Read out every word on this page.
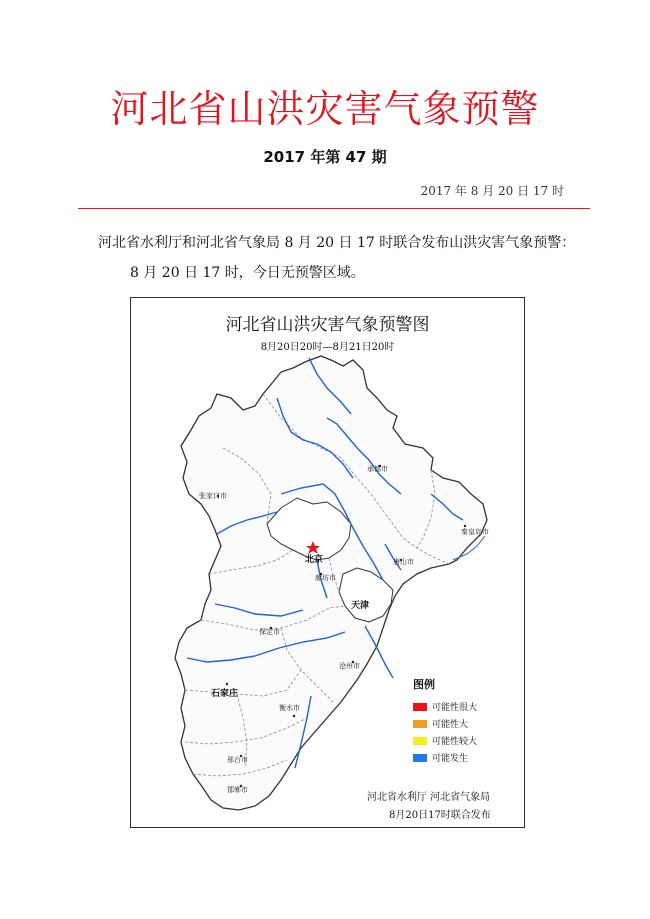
河北省山洪灾害气象预警
2017 年第 47 期
2017 年 8 月 20 日 17 时
河北省水利厅和河北省气象局 8 月 20 日 17 时联合发布山洪灾害气象预警：
8 月 20 日 17 时，今日无预警区域。
张家口市
承德市
秦皇岛市
北京	唐山市
廊坊市
天津
保定市
沧州市
石家庄
衡水市
邢台市
邯郸市
河北省山洪灾害气象预警图
8月20日20时—8月21日20时
图例
可能性很大
可能性大
可能性较大
可能发生
河北省水利厅 河北省气象局
8月20日17时联合发布
